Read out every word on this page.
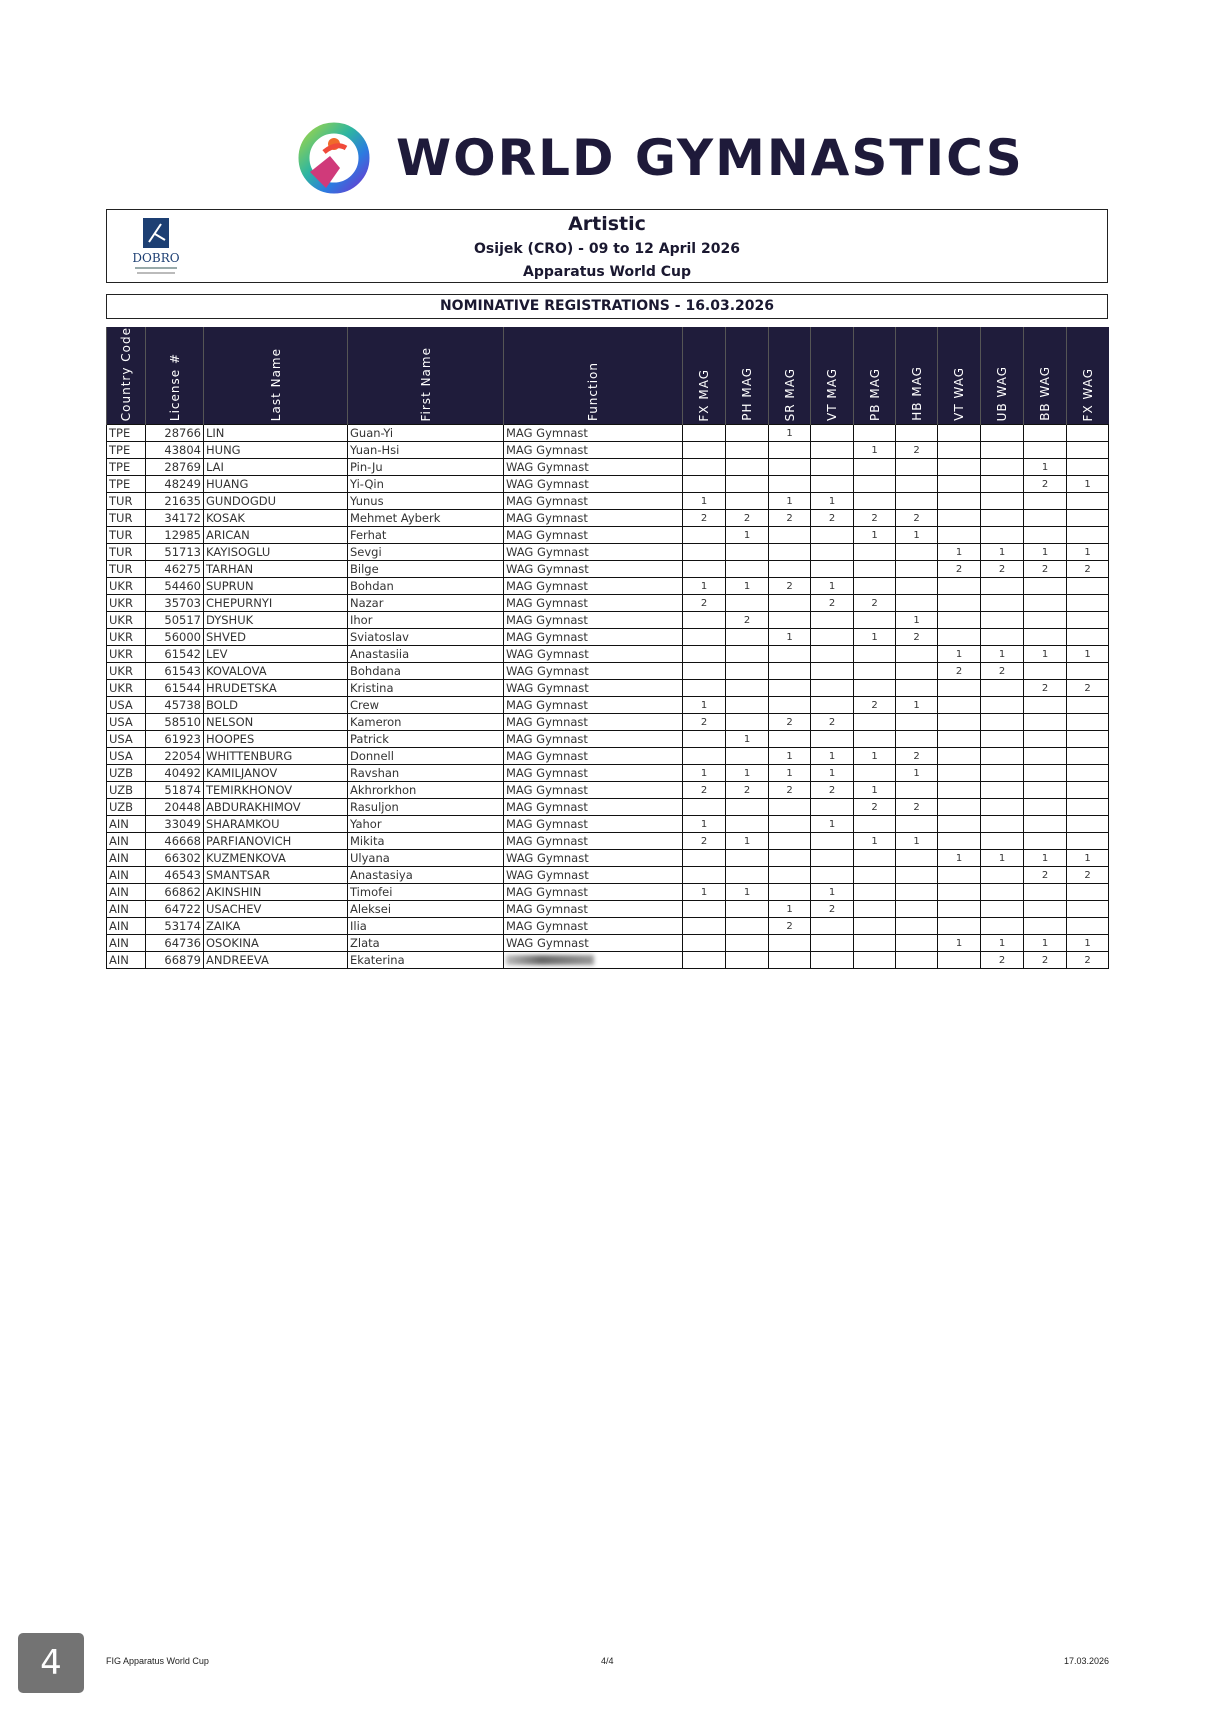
WORLD GYMNASTICS
DOBRO
Artistic
Osijek (CRO) - 09 to 12 April 2026
Apparatus World Cup
NOMINATIVE REGISTRATIONS - 16.03.2026
Country Code	License #	Last Name	First Name	Function	FX MAG	PH MAG	SR MAG	VT MAG	PB MAG	HB MAG	VT WAG	UB WAG	BB WAG	FX WAG

TPE	28766	LIN	Guan-Yi	MAG Gymnast			1							
TPE	43804	HUNG	Yuan-Hsi	MAG Gymnast					1	2				
TPE	28769	LAI	Pin-Ju	WAG Gymnast									1	
TPE	48249	HUANG	Yi-Qin	WAG Gymnast									2	1
TUR	21635	GUNDOGDU	Yunus	MAG Gymnast	1		1	1						
TUR	34172	KOSAK	Mehmet Ayberk	MAG Gymnast	2	2	2	2	2	2				
TUR	12985	ARICAN	Ferhat	MAG Gymnast		1			1	1				
TUR	51713	KAYISOGLU	Sevgi	WAG Gymnast							1	1	1	1
TUR	46275	TARHAN	Bilge	WAG Gymnast							2	2	2	2
UKR	54460	SUPRUN	Bohdan	MAG Gymnast	1	1	2	1						
UKR	35703	CHEPURNYI	Nazar	MAG Gymnast	2			2	2					
UKR	50517	DYSHUK	Ihor	MAG Gymnast		2				1				
UKR	56000	SHVED	Sviatoslav	MAG Gymnast			1		1	2				
UKR	61542	LEV	Anastasiia	WAG Gymnast							1	1	1	1
UKR	61543	KOVALOVA	Bohdana	WAG Gymnast							2	2		
UKR	61544	HRUDETSKA	Kristina	WAG Gymnast									2	2
USA	45738	BOLD	Crew	MAG Gymnast	1				2	1				
USA	58510	NELSON	Kameron	MAG Gymnast	2		2	2						
USA	61923	HOOPES	Patrick	MAG Gymnast		1								
USA	22054	WHITTENBURG	Donnell	MAG Gymnast			1	1	1	2				
UZB	40492	KAMILJANOV	Ravshan	MAG Gymnast	1	1	1	1		1				
UZB	51874	TEMIRKHONOV	Akhrorkhon	MAG Gymnast	2	2	2	2	1					
UZB	20448	ABDURAKHIMOV	Rasuljon	MAG Gymnast					2	2				
AIN	33049	SHARAMKOU	Yahor	MAG Gymnast	1			1						
AIN	46668	PARFIANOVICH	Mikita	MAG Gymnast	2	1			1	1				
AIN	66302	KUZMENKOVA	Ulyana	WAG Gymnast							1	1	1	1
AIN	46543	SMANTSAR	Anastasiya	WAG Gymnast									2	2
AIN	66862	AKINSHIN	Timofei	MAG Gymnast	1	1		1						
AIN	64722	USACHEV	Aleksei	MAG Gymnast			1	2						
AIN	53174	ZAIKA	Ilia	MAG Gymnast			2							
AIN	64736	OSOKINA	Zlata	WAG Gymnast							1	1	1	1
AIN	66879	ANDREEVA	Ekaterina									2	2	2
4	FIG Apparatus World Cup	4/4	17.03.2026
